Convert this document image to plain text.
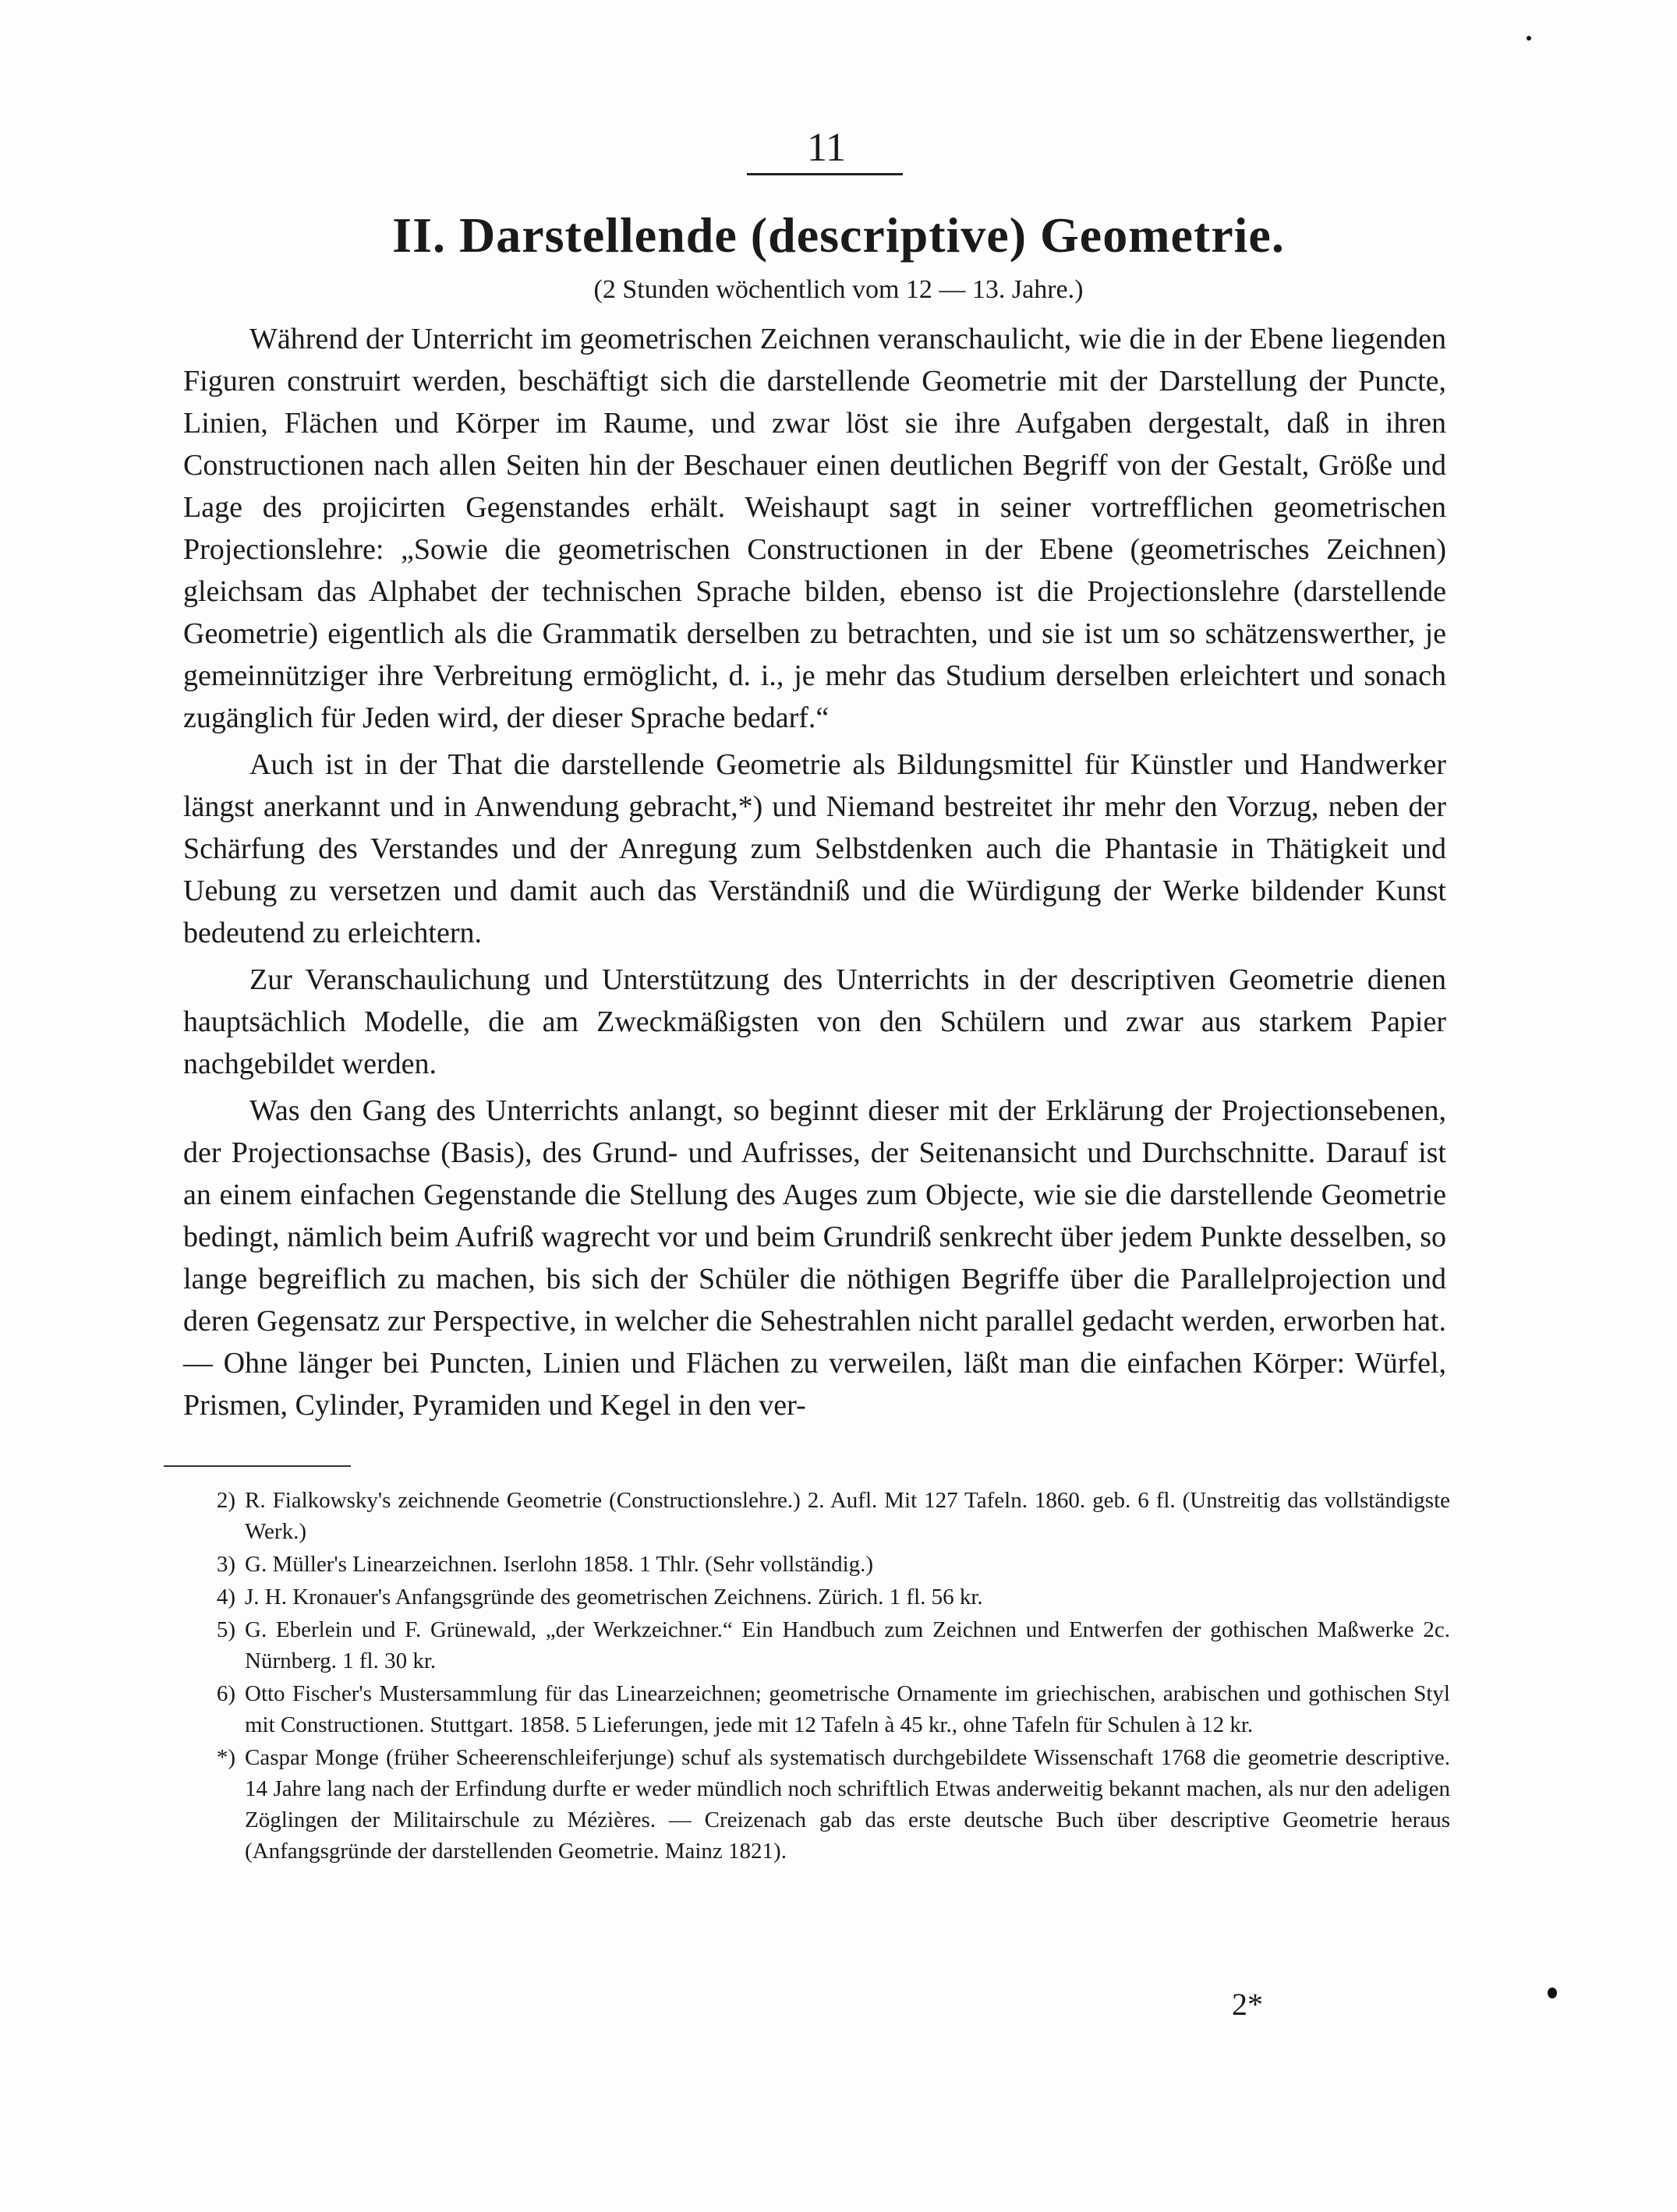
11
II. Darstellende (descriptive) Geometrie.
(2 Stunden wöchentlich vom 12 — 13. Jahre.)

Während der Unterricht im geometrischen Zeichnen veranschaulicht, wie die in der Ebene liegenden Figuren construirt werden, beschäftigt sich die darstellende Geometrie mit der Darstellung der Puncte, Linien, Flächen und Körper im Raume, und zwar löst sie ihre Aufgaben dergestalt, daß in ihren Constructionen nach allen Seiten hin der Beschauer einen deutlichen Begriff von der Gestalt, Größe und Lage des projicirten Gegenstandes erhält. Weishaupt sagt in seiner vortrefflichen geometrischen Projectionslehre: „Sowie die geometrischen Constructionen in der Ebene (geometrisches Zeichnen) gleichsam das Alphabet der technischen Sprache bilden, ebenso ist die Projectionslehre (darstellende Geometrie) eigentlich als die Grammatik derselben zu betrachten, und sie ist um so schätzenswerther, je gemeinnütziger ihre Verbreitung ermöglicht, d. i., je mehr das Studium derselben erleichtert und sonach zugänglich für Jeden wird, der dieser Sprache bedarf.“

Auch ist in der That die darstellende Geometrie als Bildungsmittel für Künstler und Handwerker längst anerkannt und in Anwendung gebracht,*) und Niemand bestreitet ihr mehr den Vorzug, neben der Schärfung des Verstandes und der Anregung zum Selbstdenken auch die Phantasie in Thätigkeit und Uebung zu versetzen und damit auch das Verständniß und die Würdigung der Werke bildender Kunst bedeutend zu erleichtern.

Zur Veranschaulichung und Unterstützung des Unterrichts in der descriptiven Geometrie dienen hauptsächlich Modelle, die am Zweckmäßigsten von den Schülern und zwar aus starkem Papier nachgebildet werden.

Was den Gang des Unterrichts anlangt, so beginnt dieser mit der Erklärung der Projectionsebenen, der Projectionsachse (Basis), des Grund- und Aufrisses, der Seitenansicht und Durchschnitte. Darauf ist an einem einfachen Gegenstande die Stellung des Auges zum Objecte, wie sie die darstellende Geometrie bedingt, nämlich beim Aufriß wagrecht vor und beim Grundriß senkrecht über jedem Punkte desselben, so lange begreiflich zu machen, bis sich der Schüler die nöthigen Begriffe über die Parallelprojection und deren Gegensatz zur Perspective, in welcher die Sehestrahlen nicht parallel gedacht werden, erworben hat. — Ohne länger bei Puncten, Linien und Flächen zu verweilen, läßt man die einfachen Körper: Würfel, Prismen, Cylinder, Pyramiden und Kegel in den ver-

2) R. Fialkowsky's zeichnende Geometrie (Constructionslehre.) 2. Aufl. Mit 127 Tafeln. 1860. geb. 6 fl. (Unstreitig das vollständigste Werk.)
3) G. Müller's Linearzeichnen. Iserlohn 1858. 1 Thlr. (Sehr vollständig.)
4) J. H. Kronauer's Anfangsgründe des geometrischen Zeichnens. Zürich. 1 fl. 56 kr.
5) G. Eberlein und F. Grünewald, „der Werkzeichner.“ Ein Handbuch zum Zeichnen und Entwerfen der gothischen Maßwerke 2c. Nürnberg. 1 fl. 30 kr.
6) Otto Fischer's Mustersammlung für das Linearzeichnen; geometrische Ornamente im griechischen, arabischen und gothischen Styl mit Constructionen. Stuttgart. 1858. 5 Lieferungen, jede mit 12 Tafeln à 45 kr., ohne Tafeln für Schulen à 12 kr.
*) Caspar Monge (früher Scheerenschleiferjunge) schuf als systematisch durchgebildete Wissenschaft 1768 die geometrie descriptive. 14 Jahre lang nach der Erfindung durfte er weder mündlich noch schriftlich Etwas anderweitig bekannt machen, als nur den adeligen Zöglingen der Militairschule zu Mézières. — Creizenach gab das erste deutsche Buch über descriptive Geometrie heraus (Anfangsgründe der darstellenden Geometrie. Mainz 1821).
2*
